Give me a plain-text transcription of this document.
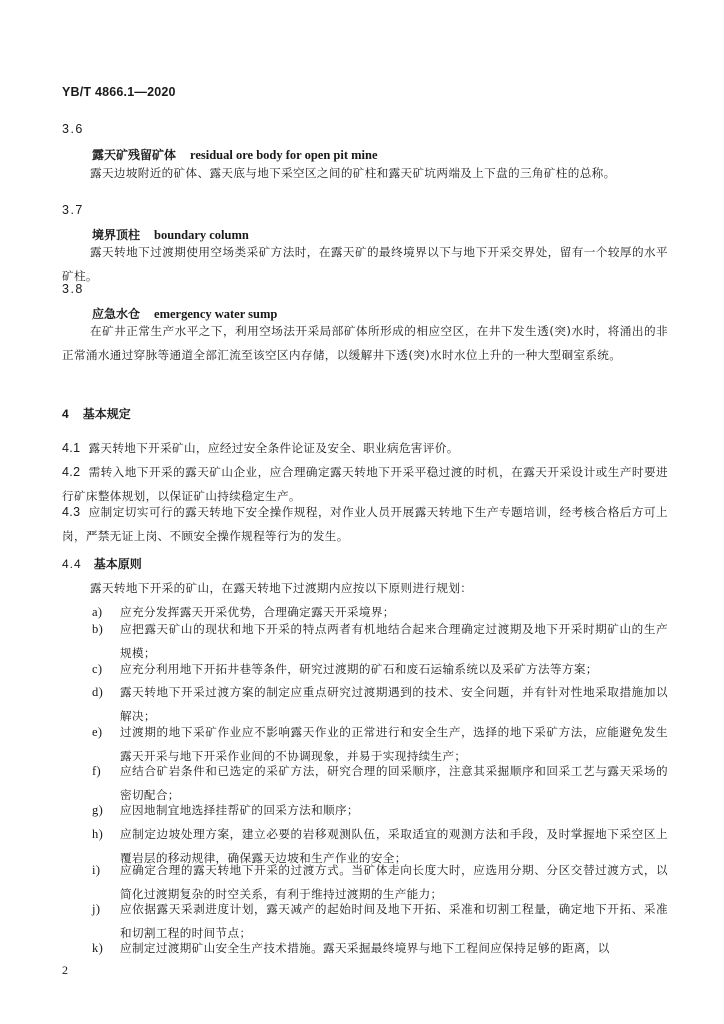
YB/T 4866.1—2020
3.6
露天矿残留矿体 residual ore body for open pit mine
露天边坡附近的矿体、露天底与地下采空区之间的矿柱和露天矿坑两端及上下盘的三角矿柱的总称。
3.7
境界顶柱 boundary column
露天转地下过渡期使用空场类采矿方法时，在露天矿的最终境界以下与地下开采交界处，留有一个较厚的水平矿柱。
3.8
应急水仓 emergency water sump
在矿井正常生产水平之下，利用空场法开采局部矿体所形成的相应空区，在井下发生透(突)水时，将涌出的非正常涌水通过穿脉等通道全部汇流至该空区内存储，以缓解井下透(突)水时水位上升的一种大型硐室系统。
4 基本规定
4.1 露天转地下开采矿山，应经过安全条件论证及安全、职业病危害评价。
4.2 需转入地下开采的露天矿山企业，应合理确定露天转地下开采平稳过渡的时机，在露天开采设计或生产时要进行矿床整体规划，以保证矿山持续稳定生产。
4.3 应制定切实可行的露天转地下安全操作规程，对作业人员开展露天转地下生产专题培训，经考核合格后方可上岗，严禁无证上岗、不顾安全操作规程等行为的发生。
4.4 基本原则
露天转地下开采的矿山，在露天转地下过渡期内应按以下原则进行规划：
a) 应充分发挥露天开采优势，合理确定露天开采境界；
b) 应把露天矿山的现状和地下开采的特点两者有机地结合起来合理确定过渡期及地下开采时期矿山的生产规模；
c) 应充分利用地下开拓井巷等条件，研究过渡期的矿石和废石运输系统以及采矿方法等方案；
d) 露天转地下开采过渡方案的制定应重点研究过渡期遇到的技术、安全问题，并有针对性地采取措施加以解决；
e) 过渡期的地下采矿作业应不影响露天作业的正常进行和安全生产，选择的地下采矿方法，应能避免发生露天开采与地下开采作业间的不协调现象，并易于实现持续生产；
f) 应结合矿岩条件和已选定的采矿方法，研究合理的回采顺序，注意其采掘顺序和回采工艺与露天采场的密切配合；
g) 应因地制宜地选择挂帮矿的回采方法和顺序；
h) 应制定边坡处理方案，建立必要的岩移观测队伍，采取适宜的观测方法和手段，及时掌握地下采空区上覆岩层的移动规律，确保露天边坡和生产作业的安全；
i) 应确定合理的露天转地下开采的过渡方式。当矿体走向长度大时，应选用分期、分区交替过渡方式，以简化过渡期复杂的时空关系，有利于维持过渡期的生产能力；
j) 应依据露天采剥进度计划，露天减产的起始时间及地下开拓、采准和切割工程量，确定地下开拓、采准和切割工程的时间节点；
k) 应制定过渡期矿山安全生产技术措施。露天采掘最终境界与地下工程间应保持足够的距离，以
2
